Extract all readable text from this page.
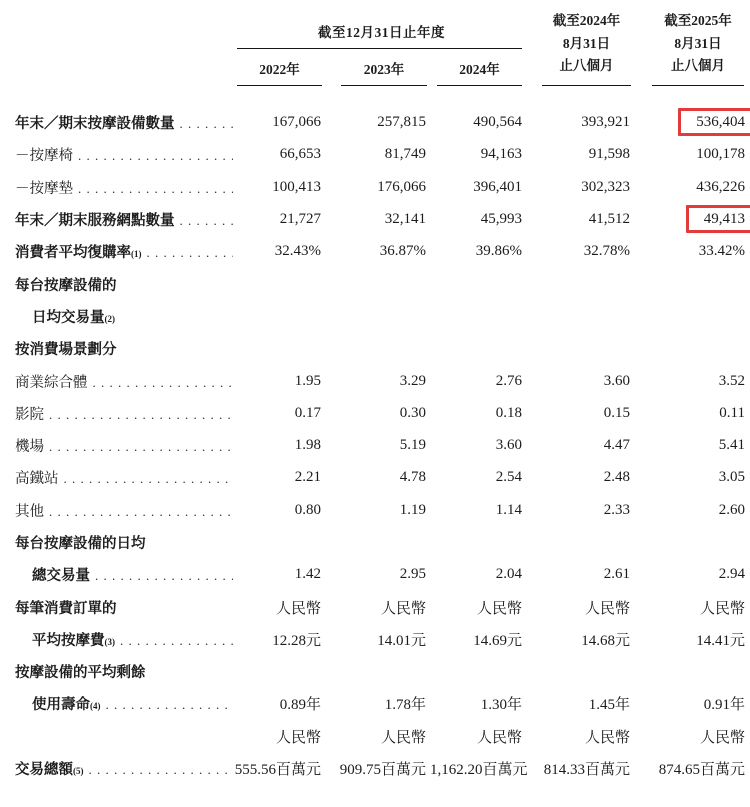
截至12月31日止年度
2022年	2023年	2024年
截至2024年
8月31日
止八個月
截至2025年
8月31日
止八個月
年末／期末按摩設備數量 . . .	167,066	257,815	490,564	393,921	536,404
－按摩椅 . . .	66,653	81,749	94,163	91,598	100,178
－按摩墊 . . .	100,413	176,066	396,401	302,323	436,226
年末／期末服務網點數量 . . .	21,727	32,141	45,993	41,512	49,413
消費者平均復購率 (1) . . .	32.43%	36.87%	39.86%	32.78%	33.42%
每台按摩設備的
日均交易量 (2)
按消費場景劃分
商業綜合體 . . .	1.95	3.29	2.76	3.60	3.52
影院 . . .	0.17	0.30	0.18	0.15	0.11
機場 . . .	1.98	5.19	3.60	4.47	5.41
高鐵站 . . .	2.21	4.78	2.54	2.48	3.05
其他 . . .	0.80	1.19	1.14	2.33	2.60
每台按摩設備的日均
總交易量 . . .	1.42	2.95	2.04	2.61	2.94
每筆消費訂單的	人民幣	人民幣	人民幣	人民幣	人民幣
平均按摩費 (3) . . .	12.28元	14.01元	14.69元	14.68元	14.41元
按摩設備的平均剩餘
使用壽命 (4) . . .	0.89年	1.78年	1.30年	1.45年	0.91年
人民幣	人民幣	人民幣	人民幣	人民幣
交易總額 (5) . . .	555.56百萬元	909.75百萬元 1,162.20百萬元	814.33百萬元	874.65百萬元
